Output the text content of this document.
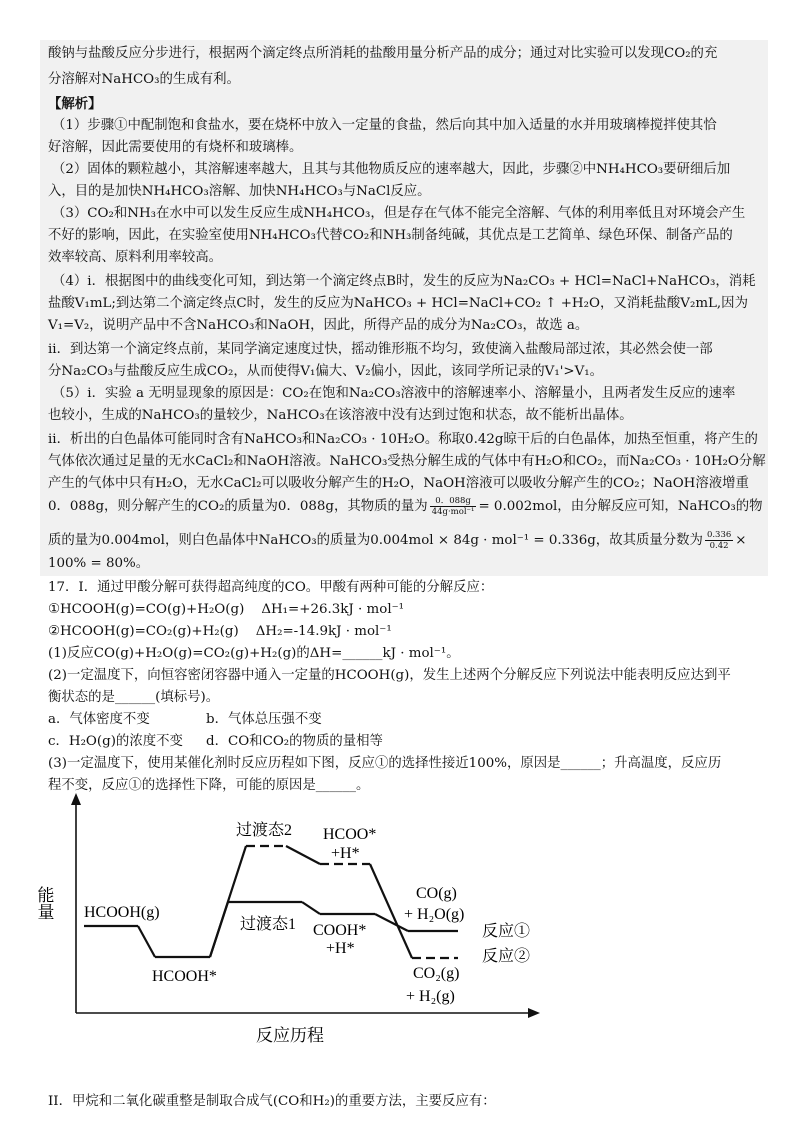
酸钠与盐酸反应分步进行，根据两个滴定终点所消耗的盐酸用量分析产品的成分；通过对比实验可以发现CO₂的充
分溶解对NaHCO₃的生成有利。
【解析】
（1）步骤①中配制饱和食盐水，要在烧杯中放入一定量的食盐，然后向其中加入适量的水并用玻璃棒搅拌使其恰
好溶解，因此需要使用的有烧杯和玻璃棒。
（2）固体的颗粒越小，其溶解速率越大，且其与其他物质反应的速率越大，因此，步骤②中NH₄HCO₃要研细后加
入，目的是加快NH₄HCO₃溶解、加快NH₄HCO₃与NaCl反应。
（3）CO₂和NH₃在水中可以发生反应生成NH₄HCO₃，但是存在气体不能完全溶解、气体的利用率低且对环境会产生
不好的影响，因此，在实验室使用NH₄HCO₃代替CO₂和NH₃制备纯碱，其优点是工艺简单、绿色环保、制备产品的
效率较高、原料利用率较高。
（4）i．根据图中的曲线变化可知，到达第一个滴定终点B时，发生的反应为Na₂CO₃ + HCl=NaCl+NaHCO₃，消耗
盐酸V₁mL;到达第二个滴定终点C时，发生的反应为NaHCO₃ + HCl=NaCl+CO₂ ↑ +H₂O，又消耗盐酸V₂mL,因为
V₁=V₂，说明产品中不含NaHCO₃和NaOH，因此，所得产品的成分为Na₂CO₃，故选 a。
ii．到达第一个滴定终点前，某同学滴定速度过快，摇动锥形瓶不均匀，致使滴入盐酸局部过浓，其必然会使一部
分Na₂CO₃与盐酸反应生成CO₂，从而使得V₁偏大、V₂偏小，因此，该同学所记录的V₁'>V₁。
（5）i．实验 a 无明显现象的原因是：CO₂在饱和Na₂CO₃溶液中的溶解速率小、溶解量小，且两者发生反应的速率
也较小，生成的NaHCO₃的量较少，NaHCO₃在该溶液中没有达到过饱和状态，故不能析出晶体。
ii．析出的白色晶体可能同时含有NaHCO₃和Na₂CO₃ · 10H₂O。称取0.42g晾干后的白色晶体，加热至恒重，将产生的
气体依次通过足量的无水CaCl₂和NaOH溶液。NaHCO₃受热分解生成的气体中有H₂O和CO₂，而Na₂CO₃ · 10H₂O分解
产生的气体中只有H₂O，无水CaCl₂可以吸收分解产生的H₂O，NaOH溶液可以吸收分解产生的CO₂；NaOH溶液增重
0．088g，则分解产生的CO₂的质量为0．088g，其物质的量为 $\frac{0.088g}{\text{44g·mol⁻¹}} = 0.002mol$，由分解反应可知，NaHCO₃的物
质的量为0.004mol，则白色晶体中NaHCO₃的质量为0.004mol × 84g · mol⁻¹ = 0.336g，故其质量分数为 $\frac{0.336}{0.42}$ ×
100% = 80%。
17．I．通过甲酸分解可获得超高纯度的CO。甲酸有两种可能的分解反应：
①HCOOH(g)=CO(g)+H₂O(g)    ΔH₁=+26.3kJ · mol⁻¹
②HCOOH(g)=CO₂(g)+H₂(g)    ΔH₂=-14.9kJ · mol⁻¹
(1)反应CO(g)+H₂O(g)=CO₂(g)+H₂(g)的ΔH=______kJ · mol⁻¹。
(2)一定温度下，向恒容密闭容器中通入一定量的HCOOH(g)，发生上述两个分解反应下列说法中能表明反应达到平
衡状态的是______(填标号)。
a．气体密度不变	b．气体总压强不变
c．H₂O(g)的浓度不变 d．CO和CO₂的物质的量相等
(3)一定温度下，使用某催化剂时反应历程如下图，反应①的选择性接近100%，原因是______；升高温度，反应历
程不变，反应①的选择性下降，可能的原因是______。
能量
反应历程
HCOOH(g)
HCOOH*
过渡态2 HCOO*
+H*
过渡态1 COOH*
+H*
CO(g)
+ H₂O(g)
CO₂(g)
+ H₂(g)
反应①
反应②
II．甲烷和二氧化碳重整是制取合成气(CO和H₂)的重要方法，主要反应有：
